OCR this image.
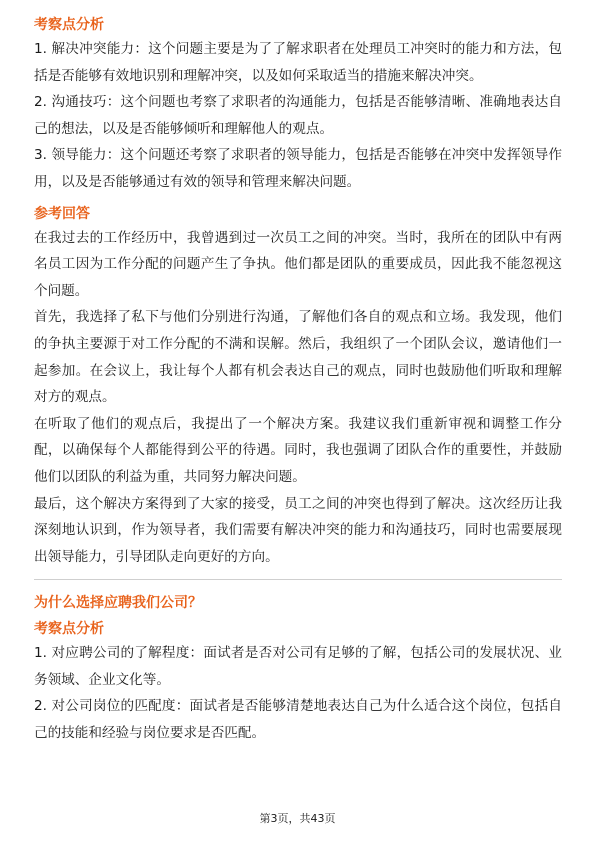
考察点分析

1. 解决冲突能力：这个问题主要是为了了解求职者在处理员工冲突时的能力和方法，包括是否能够有效地识别和理解冲突，以及如何采取适当的措施来解决冲突。

2. 沟通技巧：这个问题也考察了求职者的沟通能力，包括是否能够清晰、准确地表达自己的想法，以及是否能够倾听和理解他人的观点。

3. 领导能力：这个问题还考察了求职者的领导能力，包括是否能够在冲突中发挥领导作用，以及是否能够通过有效的领导和管理来解决问题。

参考回答

在我过去的工作经历中，我曾遇到过一次员工之间的冲突。当时，我所在的团队中有两名员工因为工作分配的问题产生了争执。他们都是团队的重要成员，因此我不能忽视这个问题。

首先，我选择了私下与他们分别进行沟通，了解他们各自的观点和立场。我发现，他们的争执主要源于对工作分配的不满和误解。然后，我组织了一个团队会议，邀请他们一起参加。在会议上，我让每个人都有机会表达自己的观点，同时也鼓励他们听取和理解对方的观点。

在听取了他们的观点后，我提出了一个解决方案。我建议我们重新审视和调整工作分配，以确保每个人都能得到公平的待遇。同时，我也强调了团队合作的重要性，并鼓励他们以团队的利益为重，共同努力解决问题。

最后，这个解决方案得到了大家的接受，员工之间的冲突也得到了解决。这次经历让我深刻地认识到，作为领导者，我们需要有解决冲突的能力和沟通技巧，同时也需要展现出领导能力，引导团队走向更好的方向。

为什么选择应聘我们公司？

考察点分析

1. 对应聘公司的了解程度：面试者是否对公司有足够的了解，包括公司的发展状况、业务领域、企业文化等。

2. 对公司岗位的匹配度：面试者是否能够清楚地表达自己为什么适合这个岗位，包括自己的技能和经验与岗位要求是否匹配。

第3页，共43页
